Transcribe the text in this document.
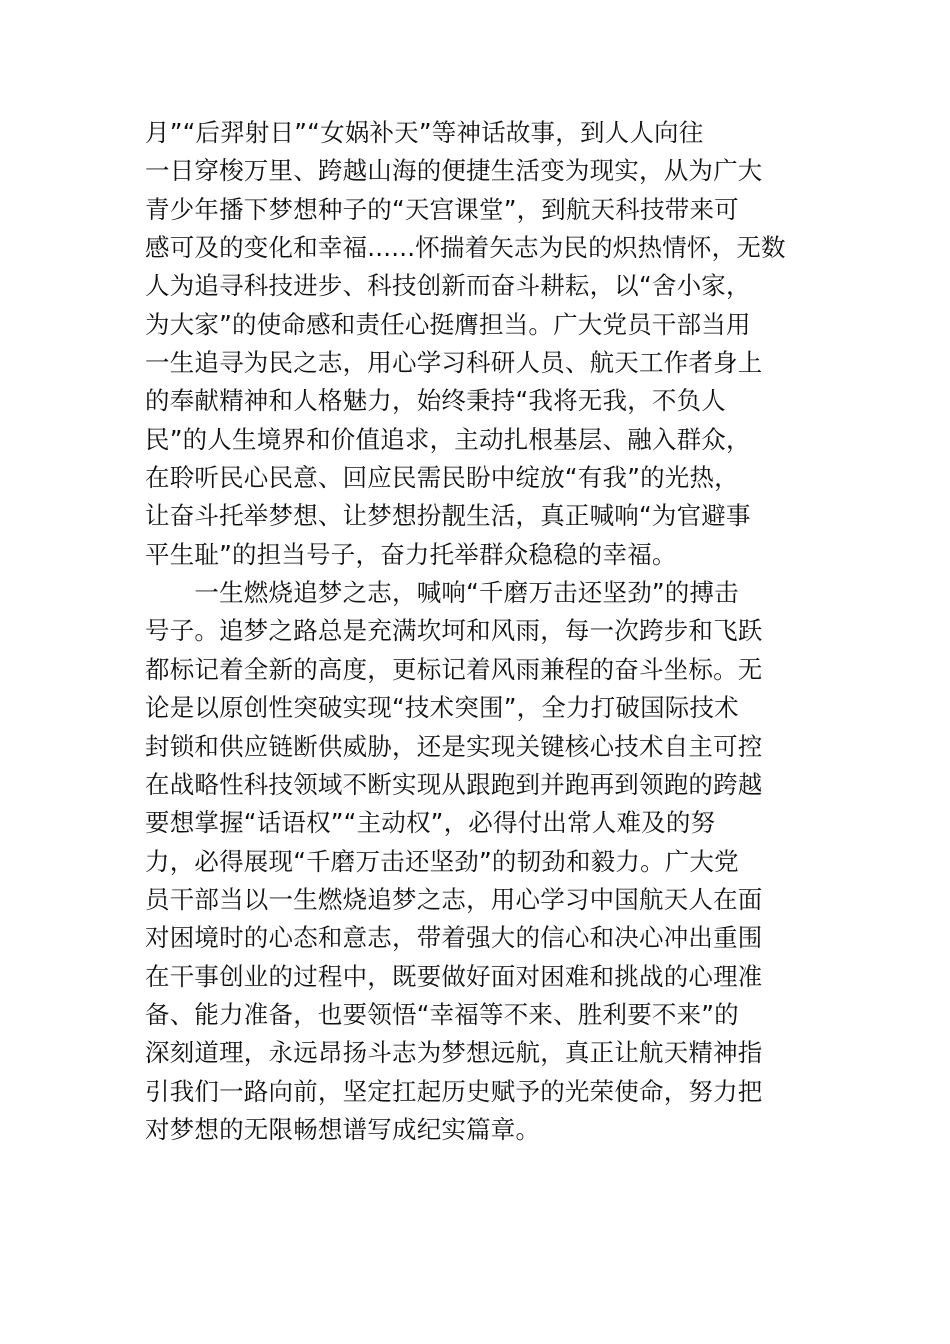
月”“后羿射日”“女娲补天”等神话故事，到人人向往
一日穿梭万里、跨越山海的便捷生活变为现实，从为广大
青少年播下梦想种子的“天宫课堂”，到航天科技带来可
感可及的变化和幸福......怀揣着矢志为民的炽热情怀，无数
人为追寻科技进步、科技创新而奋斗耕耘，以“舍小家，
为大家”的使命感和责任心挺膺担当。广大党员干部当用
一生追寻为民之志，用心学习科研人员、航天工作者身上
的奉献精神和人格魅力，始终秉持“我将无我，不负人
民”的人生境界和价值追求，主动扎根基层、融入群众，
在聆听民心民意、回应民需民盼中绽放“有我”的光热，
让奋斗托举梦想、让梦想扮靓生活，真正喊响“为官避事
平生耻”的担当号子，奋力托举群众稳稳的幸福。
　　一生燃烧追梦之志，喊响“千磨万击还坚劲”的搏击
号子。追梦之路总是充满坎坷和风雨，每一次跨步和飞跃
都标记着全新的高度，更标记着风雨兼程的奋斗坐标。无
论是以原创性突破实现“技术突围”，全力打破国际技术
封锁和供应链断供威胁，还是实现关键核心技术自主可控
在战略性科技领域不断实现从跟跑到并跑再到领跑的跨越
要想掌握“话语权”“主动权”，必得付出常人难及的努
力，必得展现“千磨万击还坚劲”的韧劲和毅力。广大党
员干部当以一生燃烧追梦之志，用心学习中国航天人在面
对困境时的心态和意志，带着强大的信心和决心冲出重围
在干事创业的过程中，既要做好面对困难和挑战的心理准
备、能力准备，也要领悟“幸福等不来、胜利要不来”的
深刻道理，永远昂扬斗志为梦想远航，真正让航天精神指
引我们一路向前，坚定扛起历史赋予的光荣使命，努力把
对梦想的无限畅想谱写成纪实篇章。
